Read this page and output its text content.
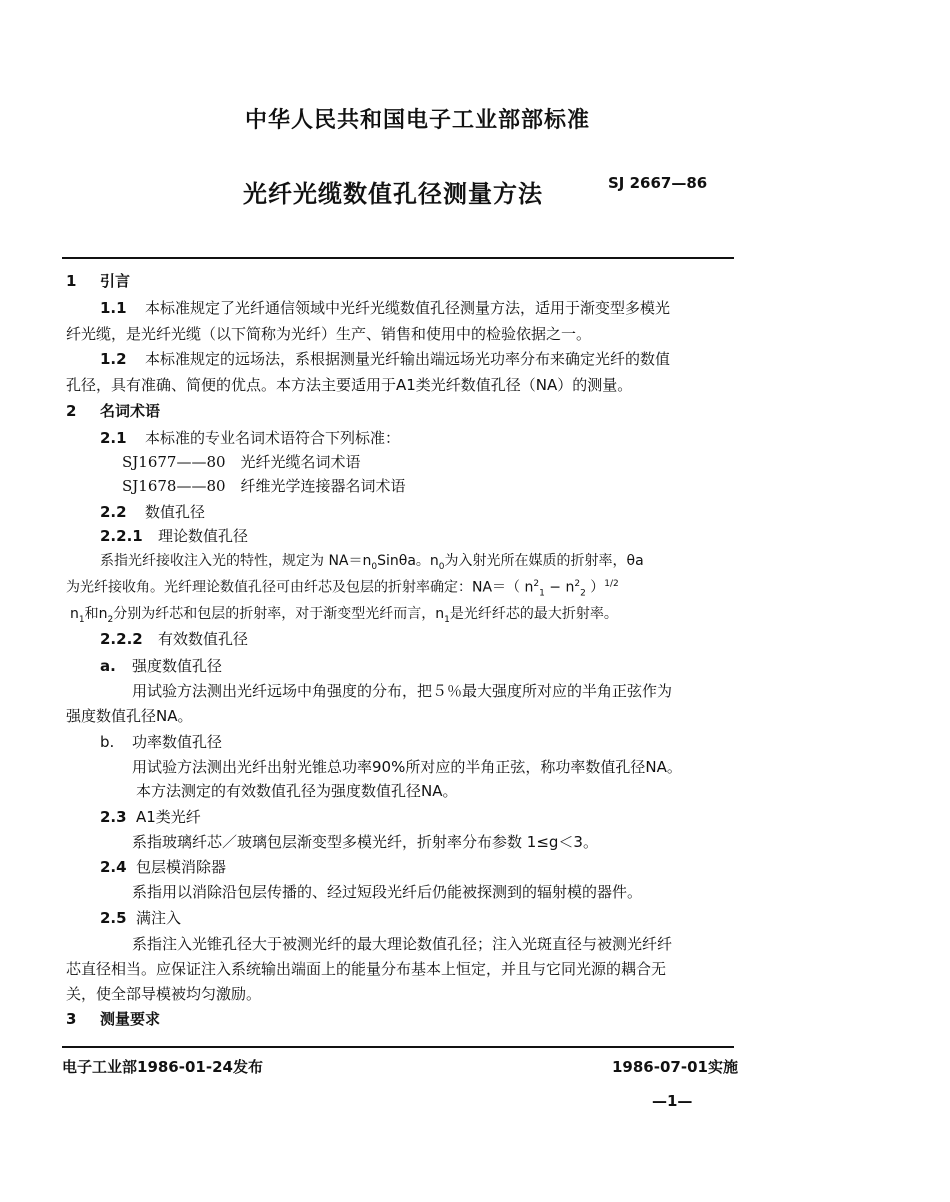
中华人民共和国电子工业部部标准
光纤光缆数值孔径测量方法	SJ 2667—86
1 引言
1.1 本标准规定了光纤通信领域中光纤光缆数值孔径测量方法，适用于渐变型多模光
纤光缆，是光纤光缆（以下简称为光纤）生产、销售和使用中的检验依据之一。
1.2 本标准规定的远场法，系根据测量光纤输出端远场光功率分布来确定光纤的数值
孔径，具有准确、简便的优点。本方法主要适用于A1类光纤数值孔径（NA）的测量。
2 名词术语
2.1 本标准的专业名词术语符合下列标准：
SJ1677——80　光纤光缆名词术语
SJ1678——80　纤维光学连接器名词术语
2.2 数值孔径
2.2.1 理论数值孔径
系指光纤接收注入光的特性，规定为 $NA=n_0Sin\theta a$。$n_0$为入射光所在媒质的折射率，θa
为光纤接收角。光纤理论数值孔径可由纤芯及包层的折射率确定：NA＝（ $n^2_1 - n^2_2$ ）$^{1/2}$
$n_1$和$n_2$分别为纤芯和包层的折射率，对于渐变型光纤而言，$n_1$是光纤纤芯的最大折射率。
2.2.2 有效数值孔径
a. 强度数值孔径
用试验方法测出光纤远场中角强度的分布，把５％最大强度所对应的半角正弦作为
强度数值孔径NA。
b. 功率数值孔径
用试验方法测出光纤出射光锥总功率90%所对应的半角正弦，称功率数值孔径NA。
本方法测定的有效数值孔径为强度数值孔径NA。
2.3 A1类光纤
系指玻璃纤芯／玻璃包层渐变型多模光纤，折射率分布参数 1≤g＜3。
2.4 包层模消除器
系指用以消除沿包层传播的、经过短段光纤后仍能被探测到的辐射模的器件。
2.5 满注入
系指注入光锥孔径大于被测光纤的最大理论数值孔径；注入光斑直径与被测光纤纤
芯直径相当。应保证注入系统输出端面上的能量分布基本上恒定，并且与它同光源的耦合无
关，使全部导模被均匀激励。
3 测量要求
电子工业部1986-01-24发布	1986-07-01实施
—1—
